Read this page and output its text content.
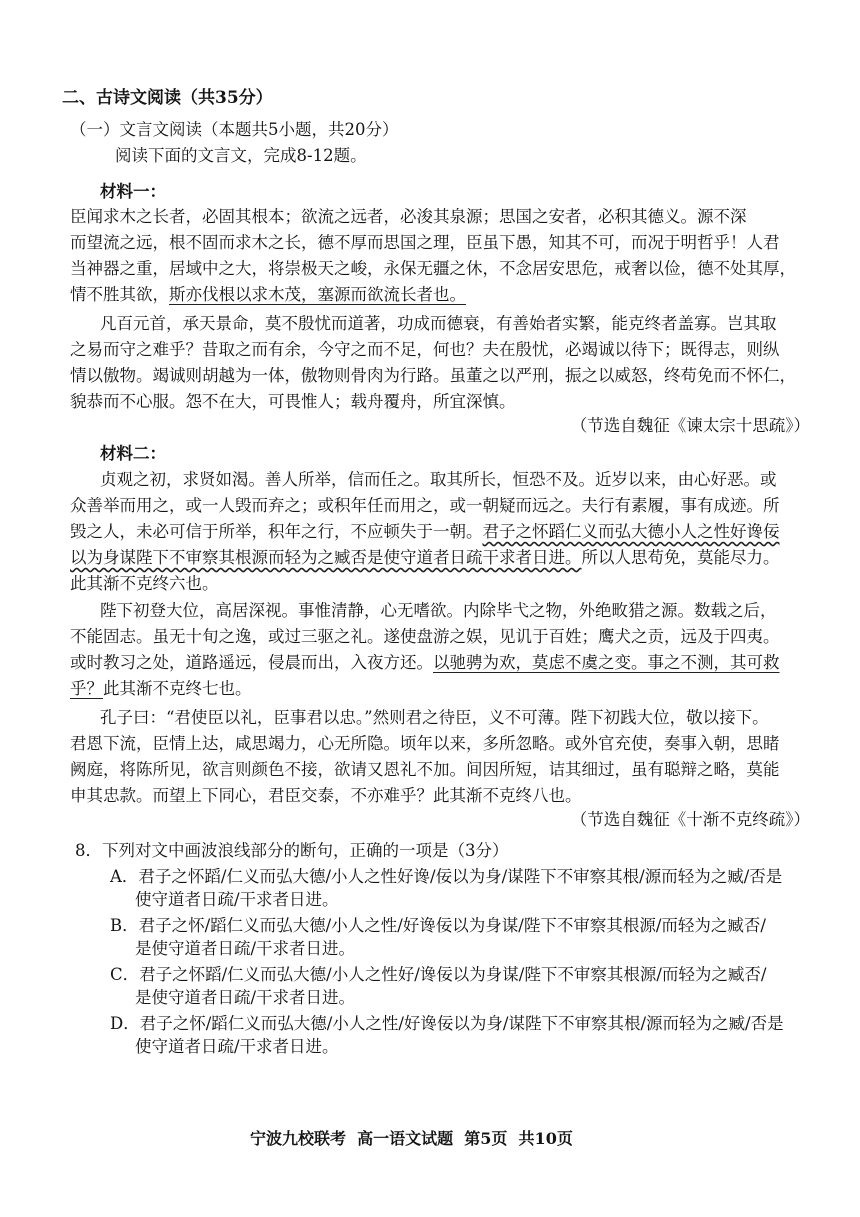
二、古诗文阅读（共35分）
（一）文言文阅读（本题共5小题，共20分）
阅读下面的文言文，完成8-12题。
材料一：
臣闻求木之长者，必固其根本；欲流之远者，必浚其泉源；思国之安者，必积其德义。源不深
而望流之远，根不固而求木之长，德不厚而思国之理，臣虽下愚，知其不可，而况于明哲乎！人君
当神器之重，居域中之大，将崇极天之峻，永保无疆之休，不念居安思危，戒奢以俭，德不处其厚，
情不胜其欲，斯亦伐根以求木茂，塞源而欲流长者也。
凡百元首，承天景命，莫不殷忧而道著，功成而德衰，有善始者实繁，能克终者盖寡。岂其取
之易而守之难乎？昔取之而有余，今守之而不足，何也？夫在殷忧，必竭诚以待下；既得志，则纵
情以傲物。竭诚则胡越为一体，傲物则骨肉为行路。虽董之以严刑，振之以威怒，终苟免而不怀仁，
貌恭而不心服。怨不在大，可畏惟人；载舟覆舟，所宜深慎。
（节选自魏征《谏太宗十思疏》）
材料二：
贞观之初，求贤如渴。善人所举，信而任之。取其所长，恒恐不及。近岁以来，由心好恶。或
众善举而用之，或一人毁而弃之；或积年任而用之，或一朝疑而远之。夫行有素履，事有成迹。所
毁之人，未必可信于所举，积年之行，不应顿失于一朝。君子之怀蹈仁义而弘大德小人之性好谗佞
以为身谋陛下不审察其根源而轻为之臧否是使守道者日疏干求者日进。所以人思苟免，莫能尽力。
此其渐不克终六也。
陛下初登大位，高居深视。事惟清静，心无嗜欲。内除毕弋之物，外绝畋猎之源。数载之后，
不能固志。虽无十旬之逸，或过三驱之礼。遂使盘游之娱，见讥于百姓；鹰犬之贡，远及于四夷。
或时教习之处，道路遥远，侵晨而出，入夜方还。以驰骋为欢，莫虑不虞之变。事之不测，其可救
乎？此其渐不克终七也。
孔子曰：“君使臣以礼，臣事君以忠。”然则君之待臣，义不可薄。陛下初践大位，敬以接下。
君恩下流，臣情上达，咸思竭力，心无所隐。顷年以来，多所忽略。或外官充使，奏事入朝，思睹
阙庭，将陈所见，欲言则颜色不接，欲请又恩礼不加。间因所短，诘其细过，虽有聪辩之略，莫能
申其忠款。而望上下同心，君臣交泰，不亦难乎？此其渐不克终八也。
（节选自魏征《十渐不克终疏》）
8．下列对文中画波浪线部分的断句，正确的一项是（3分）
A．君子之怀蹈/仁义而弘大德/小人之性好谗/佞以为身/谋陛下不审察其根/源而轻为之臧/否是
使守道者日疏/干求者日进。
B．君子之怀/蹈仁义而弘大德/小人之性/好谗佞以为身谋/陛下不审察其根源/而轻为之臧否/
是使守道者日疏/干求者日进。
C．君子之怀蹈/仁义而弘大德/小人之性好/谗佞以为身谋/陛下不审察其根源/而轻为之臧否/
是使守道者日疏/干求者日进。
D．君子之怀/蹈仁义而弘大德/小人之性/好谗佞以为身/谋陛下不审察其根/源而轻为之臧/否是
使守道者日疏/干求者日进。
宁波九校联考  高一语文试题  第5页  共10页
